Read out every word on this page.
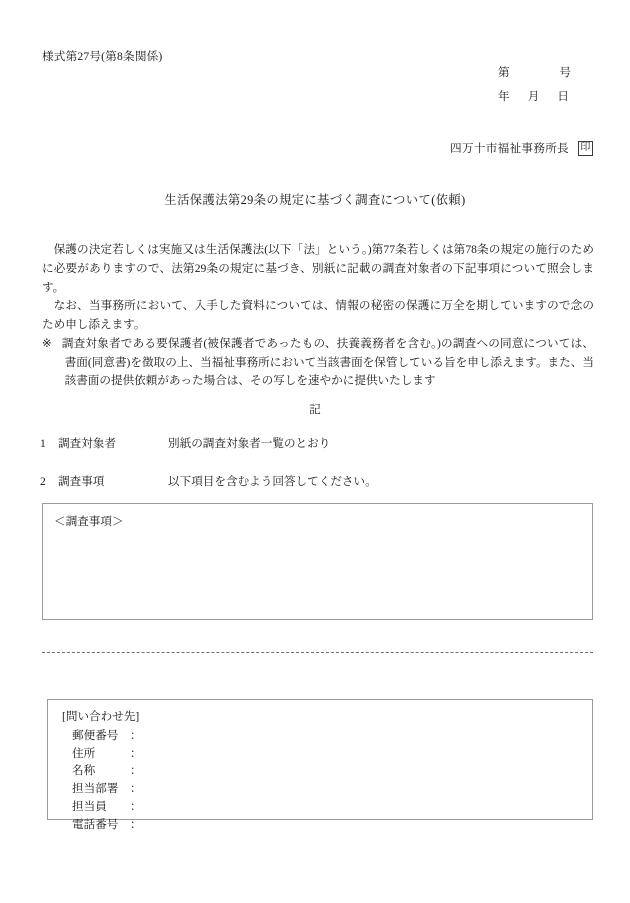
様式第27号(第8条関係)
第	号
年 月 日
四万十市福祉事務所長 印
生活保護法第29条の規定に基づく調査について(依頼)

保護の決定若しくは実施又は生活保護法(以下「法」という。)第77条若しくは第78条の規定の施行のために必要がありますので、法第29条の規定に基づき、別紙に記載の調査対象者の下記事項について照会します。

なお、当事務所において、入手した資料については、情報の秘密の保護に万全を期していますので念のため申し添えます。

※調査対象者である要保護者(被保護者であったもの、扶養義務者を含む。)の調査への同意については、書面(同意書)を徴取の上、当福祉事務所において当該書面を保管している旨を申し添えます。また、当該書面の提供依頼があった場合は、その写しを速やかに提供いたします

記
1	調査対象者	別紙の調査対象者一覧のとおり
2	調査事項	以下項目を含むよう回答してください。
＜調査事項＞
[問い合わせ先]
郵便番号	：
住所	：
名称	：
担当部署	：
担当員	：
電話番号	：
